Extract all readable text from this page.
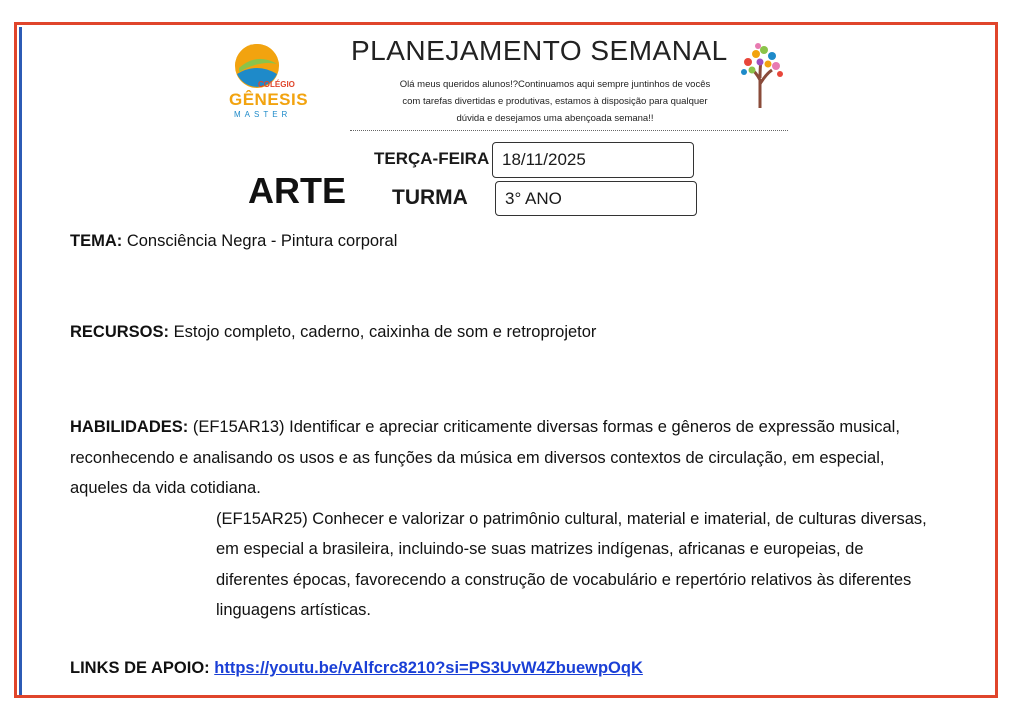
COLÉGIO
GÊNESIS
MASTER
PLANEJAMENTO SEMANAL
Olá meus queridos alunos!?Continuamos aqui sempre juntinhos de vocês
com tarefas divertidas e produtivas, estamos à disposição para qualquer
dúvida e desejamos uma abençoada semana!!
ARTE
TERÇA-FEIRA 18/11/2025
TURMA	3° ANO
TEMA: Consciência Negra - Pintura corporal
RECURSOS: Estojo completo, caderno, caixinha de som e retroprojetor

HABILIDADES: (EF15AR13) Identificar e apreciar criticamente diversas formas e gêneros de expressão musical, reconhecendo e analisando os usos e as funções da música em diversos contextos de circulação, em especial, aqueles da vida cotidiana.

(EF15AR25) Conhecer e valorizar o patrimônio cultural, material e imaterial, de culturas diversas, em especial a brasileira, incluindo-se suas matrizes indígenas, africanas e europeias, de diferentes épocas, favorecendo a construção de vocabulário e repertório relativos às diferentes linguagens artísticas.

LINKS DE APOIO: https://youtu.be/vAlfcrc8210?si=PS3UvW4ZbuewpOqK
